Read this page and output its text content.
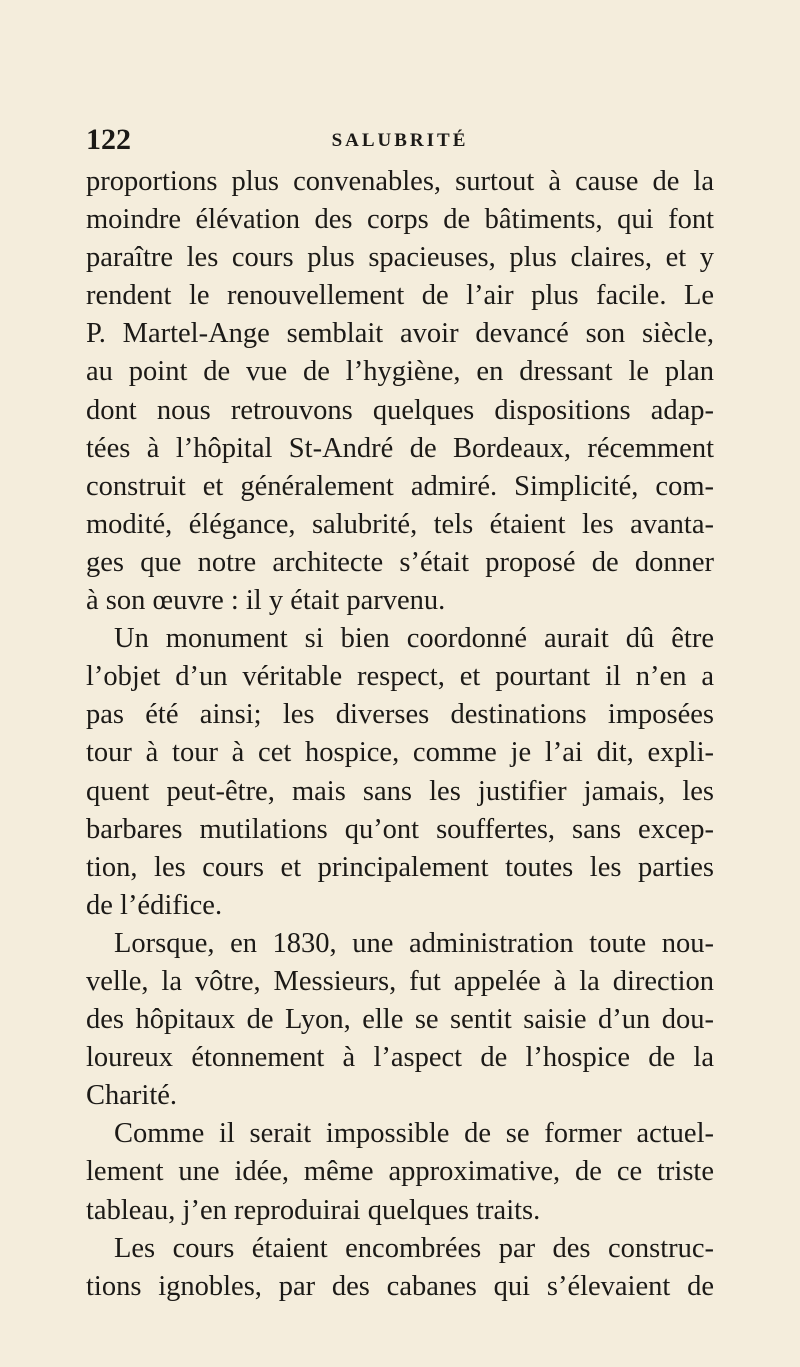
122	SALUBRITÉ
proportions plus convenables, surtout à cause de la
moindre élévation des corps de bâtiments, qui font
paraître les cours plus spacieuses, plus claires, et y
rendent le renouvellement de l’air plus facile. Le
P. Martel-Ange semblait avoir devancé son siècle,
au point de vue de l’hygiène, en dressant le plan
dont nous retrouvons quelques dispositions adap-
tées à l’hôpital St-André de Bordeaux, récemment
construit et généralement admiré. Simplicité, com-
modité, élégance, salubrité, tels étaient les avanta-
ges que notre architecte s’était proposé de donner
à son œuvre : il y était parvenu.
Un monument si bien coordonné aurait dû être
l’objet d’un véritable respect, et pourtant il n’en a
pas été ainsi; les diverses destinations imposées
tour à tour à cet hospice, comme je l’ai dit, expli-
quent peut-être, mais sans les justifier jamais, les
barbares mutilations qu’ont souffertes, sans excep-
tion, les cours et principalement toutes les parties
de l’édifice.
Lorsque, en 1830, une administration toute nou-
velle, la vôtre, Messieurs, fut appelée à la direction
des hôpitaux de Lyon, elle se sentit saisie d’un dou-
loureux étonnement à l’aspect de l’hospice de la
Charité.
Comme il serait impossible de se former actuel-
lement une idée, même approximative, de ce triste
tableau, j’en reproduirai quelques traits.
Les cours étaient encombrées par des construc-
tions ignobles, par des cabanes qui s’élevaient de
